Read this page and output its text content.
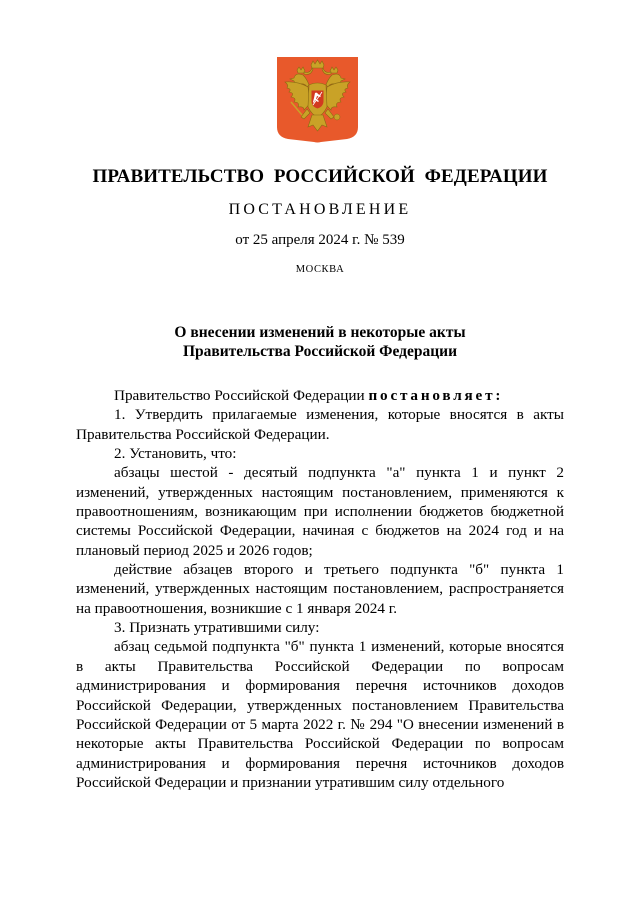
ПРАВИТЕЛЬСТВО  РОССИЙСКОЙ  ФЕДЕРАЦИИ
ПОСТАНОВЛЕНИЕ
от 25 апреля 2024 г. № 539
МОСКВА
О внесении изменений в некоторые акты
Правительства Российской Федерации

Правительство Российской Федерации постановляет:

1. Утвердить прилагаемые изменения, которые вносятся в акты Правительства Российской Федерации.

2. Установить, что:

абзацы шестой - десятый подпункта "а" пункта 1 и пункт 2 изменений, утвержденных настоящим постановлением, применяются к правоотношениям, возникающим при исполнении бюджетов бюджетной системы Российской Федерации, начиная с бюджетов на 2024 год и на плановый период 2025 и 2026 годов;

действие абзацев второго и третьего подпункта "б" пункта 1 изменений, утвержденных настоящим постановлением, распространяется на правоотношения, возникшие с 1 января 2024 г.

3. Признать утратившими силу:

абзац седьмой подпункта "б" пункта 1 изменений, которые вносятся в акты Правительства Российской Федерации по вопросам администрирования и формирования перечня источников доходов Российской Федерации, утвержденных постановлением Правительства Российской Федерации от 5 марта 2022 г. № 294 "О внесении изменений в некоторые акты Правительства Российской Федерации по вопросам администрирования и формирования перечня источников доходов Российской Федерации и признании утратившим силу отдельного
